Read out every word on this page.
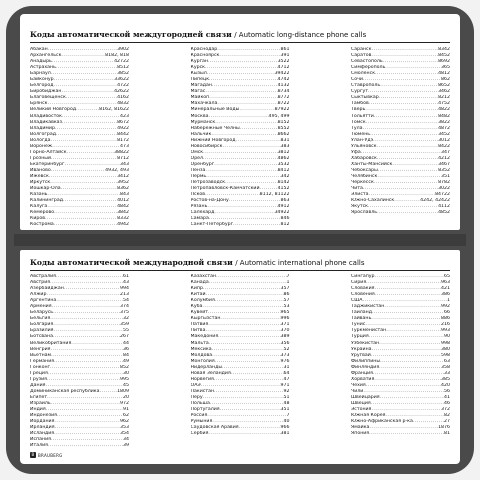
Коды автоматической междугородней связи / Automatic long-distance phone calls
Абакан .....	3902
Архангельск .....	8182, 818
Анадырь .....	42722
Астрахань .....	8512
Барнаул .....	3852
Байконур .....	33622
Белгород .....	4722
Биробиджан .....	42622
Благовещенск .....	4162
Брянск .....	4832
Великий Новгород .....	8162, 81622
Владивосток .....	423
Владикавказ .....	8672
Владимир .....	4922
Волгоград .....	8442
Вологда .....	8172
Воронеж .....	473
Горно-Алтайск .....	38822
Грозный .....	8712
Екатеринбург .....	343
Иваново .....	4932, 493
Ижевск .....	3412
Иркутск .....	3952
Йошкар-Ола .....	8362
Казань .....	843
Калининград .....	4012
Калуга .....	4842
Кемерово .....	3842
Киров .....	8332
Кострома .....	4942
Краснодар .....	861
Красноярск .....	391
Курган .....	3522
Курск .....	4712
Кызыл .....	39422
Липецк .....	4742
Магадан .....	4132
Магас .....	8734
Майкоп .....	8772
Махачкала .....	8722
Минеральные Воды .....	87922
Москва .....	495, 499
Мурманск .....	8152
Набережные Челны .....	8552
Нальчик .....	8662
Нижний Новгород .....	831
Новосибирск .....	383
Омск .....	3812
Орёл .....	4862
Оренбург .....	3532
Пенза .....	8412
Пермь .....	342
Петрозаводск .....	8142
Петропавловск-Камчатский .....	4152
Псков .....	8112, 81122
Ростов-на-Дону .....	863
Рязань .....	4912
Салехард .....	34922
Самара .....	846
Санкт-Петербург .....	812
Саранск .....	8342
Саратов .....	8452
Севастополь .....	8692
Симферополь .....	365
Смоленск .....	4812
Сочи .....	862
Ставрополь .....	8652
Сургут .....	3462
Сыктывкар .....	8212
Тамбов .....	4752
Тверь .....	4822
Тольятти .....	8482
Томск .....	3822
Тула .....	4872
Тюмень .....	3452
Улан-Удэ .....	3012
Ульяновск .....	8422
Уфа .....	347
Хабаровск .....	4212
Ханты-Мансийск .....	3467
Чебоксары .....	8352
Челябинск .....	351
Черкесск .....	8782
Чита .....	3022
Элиста .....	84722
Южно-Сахалинск .....	4242, 42422
Якутск .....	4112
Ярославль .....	4852
Коды автоматической международной связи / Automatic international phone calls
Австралия .....	61
Австрия .....	43
Азербайджан .....	994
Алжир .....	213
Аргентина .....	54
Армения .....	374
Беларусь .....	375
Бельгия .....	32
Болгария .....	359
Бразилия .....	55
Ботсвана .....	267
Великобритания .....	44
Венгрия .....	36
Вьетнам .....	84
Германия .....	49
Гонконг .....	852
Греция .....	30
Грузия .....	995
Дания .....	45
Доминиканская республика .....	1809
Египет .....	20
Израиль .....	972
Индия .....	91
Индонезия .....	62
Иордания .....	962
Ирландия .....	353
Исландия .....	354
Испания .....	34
Италия .....	39
Казахстан .....	7
Канада .....	1
Кипр .....	357
Китай .....	86
Колумбия .....	57
Куба .....	53
Кувейт .....	965
Кыргызстан .....	996
Латвия .....	371
Литва .....	370
Македония .....	389
Мальта .....	356
Мексика .....	52
Молдова .....	373
Монголия .....	976
Нидерланды .....	31
Новая Зеландия .....	64
Норвегия .....	47
ОАЭ .....	971
Пакистан .....	92
Перу .....	51
Польша .....	48
Португалия .....	351
Россия .....	7
Румыния .....	40
Саудовская Аравия .....	966
Сербия .....	381
Сингапур .....	65
Сирия .....	963
Словакия .....	421
Словения .....	386
США .....	1
Таджикистан .....	992
Таиланд .....	66
Тайвань .....	886
Тунис .....	216
Туркменистан .....	993
Турция .....	90
Узбекистан .....	998
Украина .....	380
Уругвай .....	598
Филиппины .....	63
Финляндия .....	358
Франция .....	33
Хорватия .....	385
Чехия .....	420
Чили .....	56
Швейцария .....	41
Швеция .....	46
Эстония .....	372
Южная Корея .....	82
Южно-Африканская р-ка .....	27
Ямайка .....	1876
Япония .....	81
B BRAUBERG
